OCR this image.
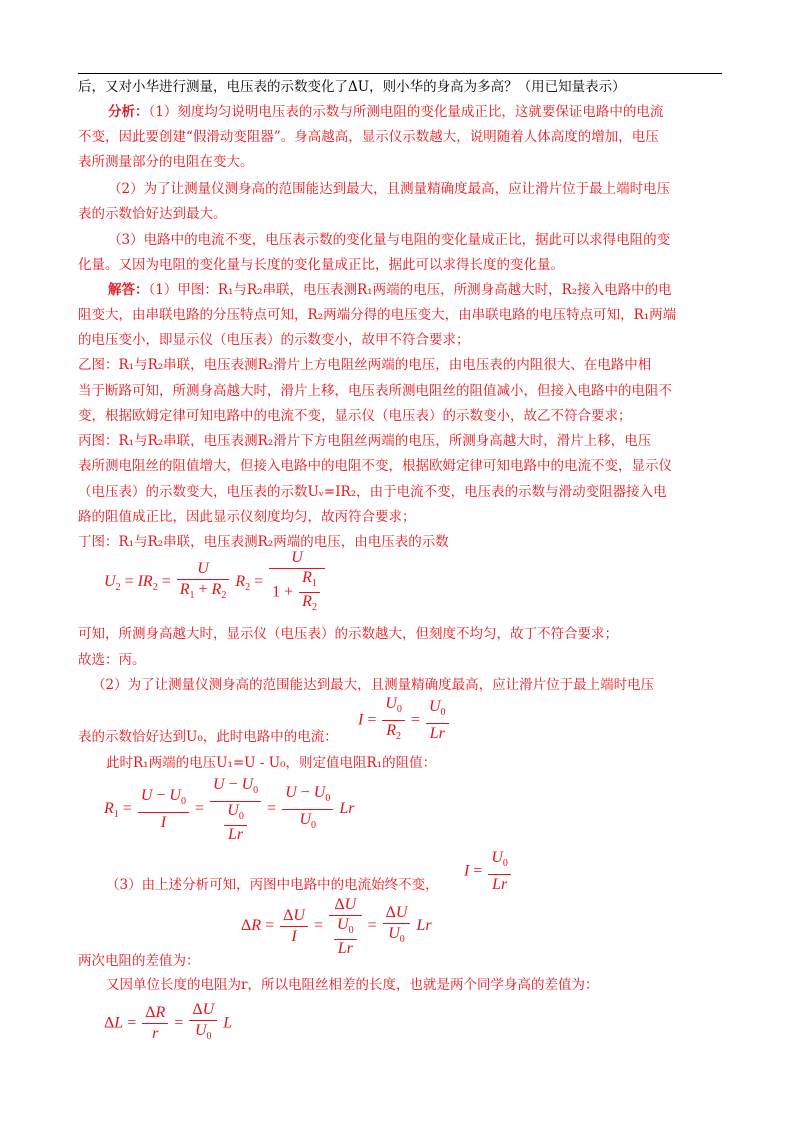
后，又对小华进行测量，电压表的示数变化了ΔU，则小华的身高为多高？（用已知量表示）
分析：（1）刻度均匀说明电压表的示数与所测电阻的变化量成正比，这就要保证电路中的电流
不变，因此要创建“假滑动变阻器”。身高越高，显示仪示数越大，说明随着人体高度的增加，电压
表所测量部分的电阻在变大。
（2）为了让测量仪测身高的范围能达到最大，且测量精确度最高，应让滑片位于最上端时电压
表的示数恰好达到最大。
（3）电路中的电流不变，电压表示数的变化量与电阻的变化量成正比，据此可以求得电阻的变
化量。又因为电阻的变化量与长度的变化量成正比，据此可以求得长度的变化量。
解答：（1）甲图：R₁与R₂串联，电压表测R₁两端的电压，所测身高越大时，R₂接入电路中的电
阻变大，由串联电路的分压特点可知，R₂两端分得的电压变大，由串联电路的电压特点可知，R₁两端
的电压变小，即显示仪（电压表）的示数变小，故甲不符合要求；
乙图：R₁与R₂串联，电压表测R₂滑片上方电阻丝两端的电压，由电压表的内阻很大、在电路中相
当于断路可知，所测身高越大时，滑片上移，电压表所测电阻丝的阻值减小，但接入电路中的电阻不
变，根据欧姆定律可知电路中的电流不变，显示仪（电压表）的示数变小，故乙不符合要求；
丙图：R₁与R₂串联，电压表测R₂滑片下方电阻丝两端的电压，所测身高越大时，滑片上移，电压
表所测电阻丝的阻值增大，但接入电路中的电阻不变，根据欧姆定律可知电路中的电流不变，显示仪
（电压表）的示数变大，电压表的示数Uᵥ=IR₂，由于电流不变，电压表的示数与滑动变阻器接入电
路的阻值成正比，因此显示仪刻度均匀，故丙符合要求；
丁图：R₁与R₂串联，电压表测R₂两端的电压，由电压表的示数
$U_2 = IR_2 = \frac{U}{R_1 + R_2} R_2 = \frac{U}{1 + \frac{R_1}{R_2}}$
可知，所测身高越大时，显示仪（电压表）的示数越大，但刻度不均匀，故丁不符合要求；
故选：丙。
（2）为了让测量仪测身高的范围能达到最大，且测量精确度最高，应让滑片位于最上端时电压
$I = \frac{U_0}{R_2} = \frac{U_0}{Lr}$
表的示数恰好达到U₀，此时电路中的电流：
此时R₁两端的电压U₁=U - U₀，则定值电阻R₁的阻值：
$R_1 = \frac{U - U_0}{I} = \frac{U - U_0}{\frac{U_0}{Lr}} = \frac{U - U_0}{U_0}$ Lr
（3）由上述分析可知，丙图中电路中的电流始终不变，
$I = \frac{U_0}{Lr}$
$\Delta R = \frac{\Delta U}{I} = \frac{\Delta U}{\frac{U_0}{Lr}} = \frac{\Delta U}{U_0}$ Lr
两次电阻的差值为：
又因单位长度的电阻为r，所以电阻丝相差的长度，也就是两个同学身高的差值为：
$\Delta L = \frac{\Delta R}{r} = \frac{\Delta U}{U_0}$ L
